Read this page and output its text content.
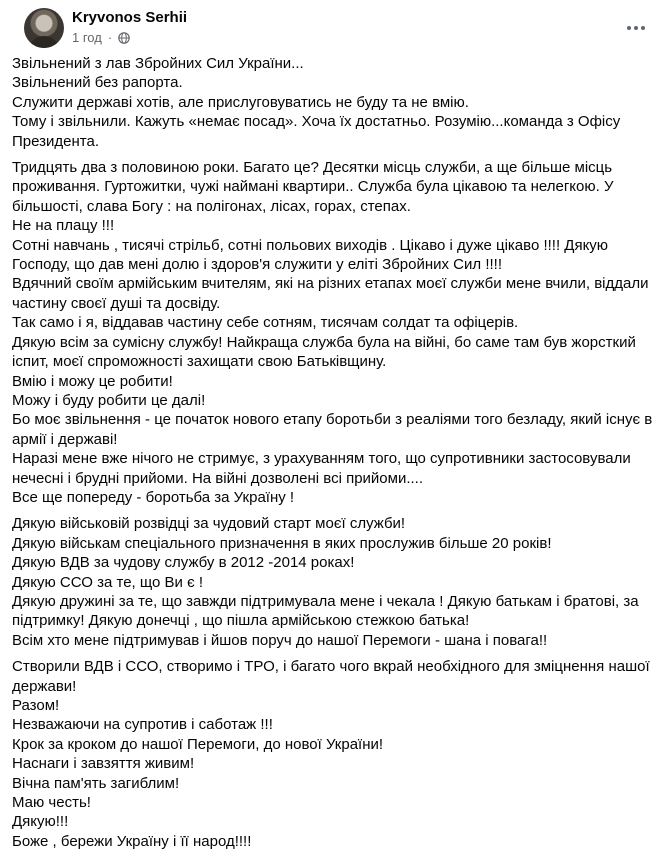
Kryvonos Serhii
1 год ·

Звільнений з лав Збройних Сил України...

Звільнений без рапорта.

Служити державі хотів, але прислуговуватись не буду та не вмію.

Тому і звільнили. Кажуть «немає посад». Хоча їх достатньо. Розумію...команда з Офісу Президента.

Тридцять два з половиною роки. Багато це? Десятки місць служби, а ще більше місць проживання. Гуртожитки, чужі наймані квартири.. Служба була цікавою та нелегкою. У більшості, слава Богу : на полігонах, лісах, горах, степах.

Не на плацу !!!

Сотні навчань , тисячі стрільб, сотні польових виходів . Цікаво і дуже цікаво !!!! Дякую Господу, що дав мені долю і здоров'я служити у еліті Збройних Сил !!!!

Вдячний своїм армійським вчителям, які на різних етапах моєї служби мене вчили, віддали частину своєї душі та досвіду.

Так само і я, віддавав частину себе сотням, тисячам солдат та офіцерів.

Дякую всім за сумісну службу! Найкраща служба була на війні, бо саме там був жорсткий іспит, моєї спроможності захищати свою Батьківщину.

Вмію і можу це робити!

Можу і буду робити це далі!

Бо моє звільнення - це початок нового етапу боротьби з реаліями того безладу, який існує в армії і державі!

Наразі мене вже нічого не стримує, з урахуванням того, що супротивники застосовували нечесні і брудні прийоми. На війні дозволені всі прийоми....

Все ще попереду - боротьба за Україну !

Дякую військовій розвідці за чудовий старт моєї служби!

Дякую військам спеціального призначення в яких прослужив більше 20 років!

Дякую ВДВ за чудову службу в 2012 -2014 роках!

Дякую ССО за те, що Ви є !

Дякую дружині за те, що завжди підтримувала мене і чекала ! Дякую батькам і братові, за підтримку! Дякую донечці , що пішла армійською стежкою батька!

Всім хто мене підтримував і йшов поруч до нашої Перемоги - шана і повага!!

Створили ВДВ і ССО, створимо і ТРО, і багато чого вкрай необхідного для зміцнення нашої держави!

Разом!

Незважаючи на супротив і саботаж !!!

Крок за кроком до нашої Перемоги, до нової України!

Наснаги і завзяття живим!

Вічна пам'ять загиблим!

Маю честь!

Дякую!!!

Боже , бережи Україну і її народ!!!!
